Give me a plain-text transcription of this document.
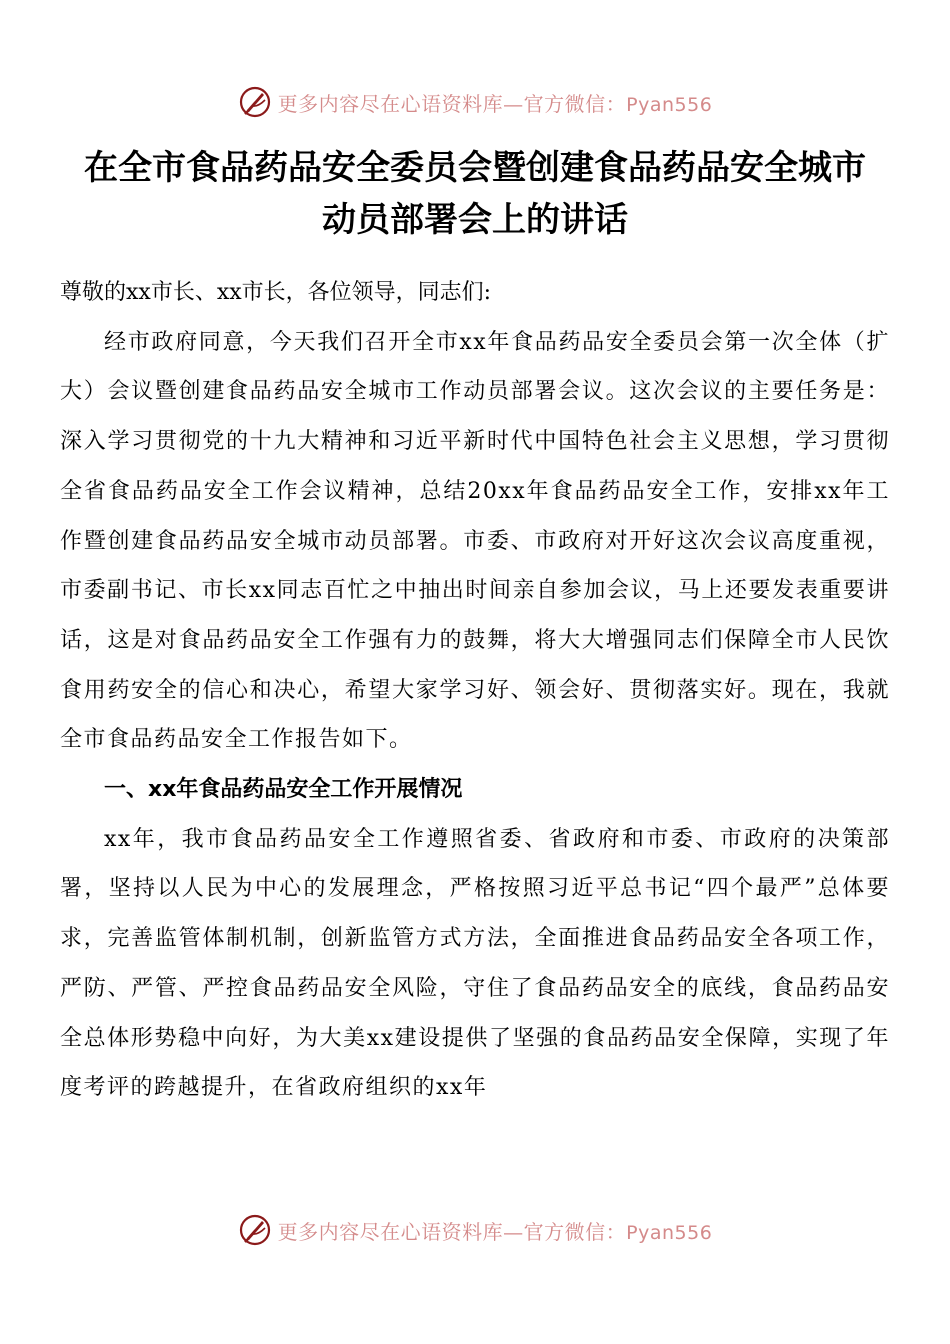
更多内容尽在心语资料库—官方微信：Pyan556
在全市食品药品安全委员会暨创建食品药品安全城市
动员部署会上的讲话

尊敬的xx市长、xx市长，各位领导，同志们:

经市政府同意，今天我们召开全市xx年食品药品安全委员会第一次全体（扩大）会议暨创建食品药品安全城市工作动员部署会议。这次会议的主要任务是：深入学习贯彻党的十九大精神和习近平新时代中国特色社会主义思想，学习贯彻全省食品药品安全工作会议精神，总结20xx年食品药品安全工作，安排xx年工作暨创建食品药品安全城市动员部署。市委、市政府对开好这次会议高度重视，市委副书记、市长xx同志百忙之中抽出时间亲自参加会议，马上还要发表重要讲话，这是对食品药品安全工作强有力的鼓舞，将大大增强同志们保障全市人民饮食用药安全的信心和决心，希望大家学习好、领会好、贯彻落实好。现在，我就全市食品药品安全工作报告如下。

一、xx年食品药品安全工作开展情况

xx年，我市食品药品安全工作遵照省委、省政府和市委、市政府的决策部署，坚持以人民为中心的发展理念，严格按照习近平总书记“四个最严”总体要求，完善监管体制机制，创新监管方式方法，全面推进食品药品安全各项工作，严防、严管、严控食品药品安全风险，守住了食品药品安全的底线，食品药品安全总体形势稳中向好，为大美xx建设提供了坚强的食品药品安全保障，实现了年度考评的跨越提升，在省政府组织的xx年

更多内容尽在心语资料库—官方微信：Pyan556
